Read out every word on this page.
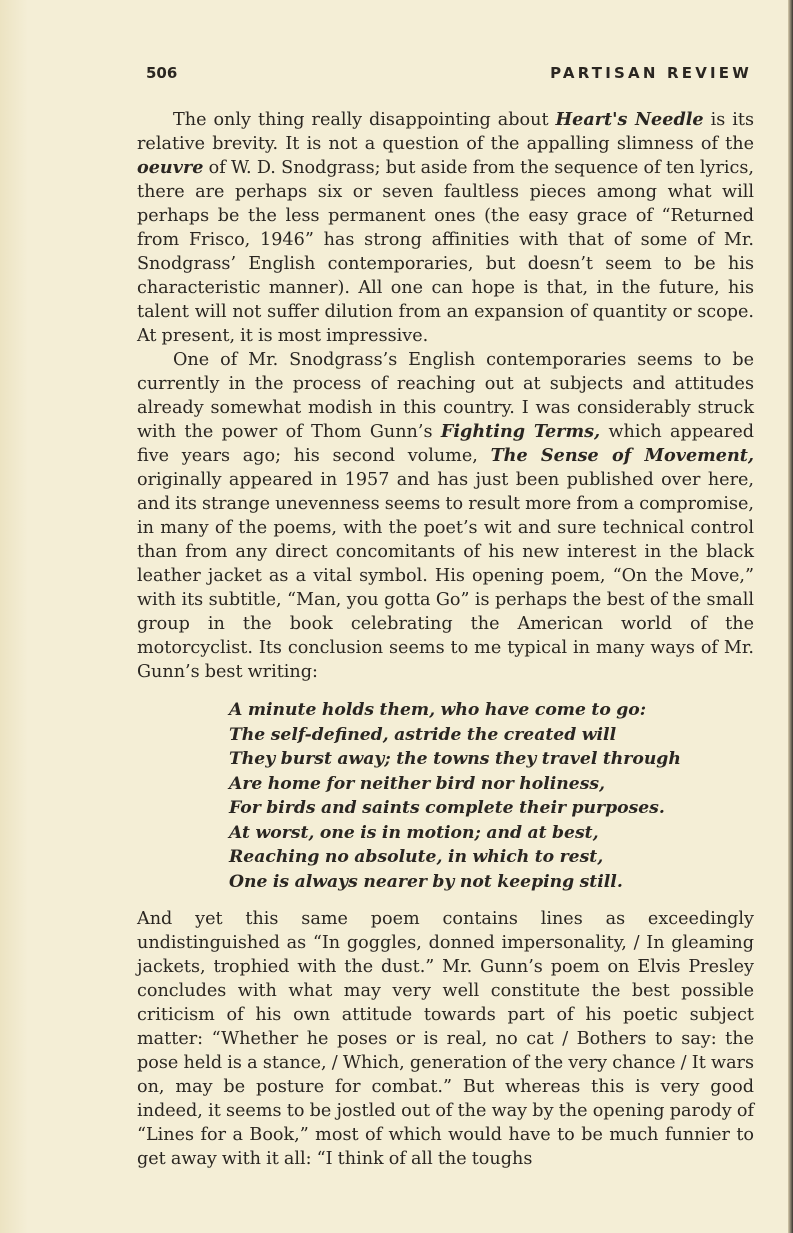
506	PARTISAN REVIEW

The only thing really disappointing about Heart's Needle is its relative brevity. It is not a question of the appalling slimness of the oeuvre of W. D. Snodgrass; but aside from the sequence of ten lyrics, there are perhaps six or seven faultless pieces among what will perhaps be the less permanent ones (the easy grace of “Returned from Frisco, 1946” has strong affinities with that of some of Mr. Snodgrass’ English contemporaries, but doesn’t seem to be his characteristic manner). All one can hope is that, in the future, his talent will not suffer dilution from an expansion of quantity or scope. At present, it is most impressive.

One of Mr. Snodgrass’s English contemporaries seems to be currently in the process of reaching out at subjects and attitudes already somewhat modish in this country. I was considerably struck with the power of Thom Gunn’s Fighting Terms, which appeared five years ago; his second volume, The Sense of Movement, originally appeared in 1957 and has just been published over here, and its strange unevenness seems to result more from a compromise, in many of the poems, with the poet’s wit and sure technical control than from any direct concomitants of his new interest in the black leather jacket as a vital symbol. His opening poem, “On the Move,” with its subtitle, “Man, you gotta Go” is perhaps the best of the small group in the book celebrating the American world of the motorcyclist. Its conclusion seems to me typical in many ways of Mr. Gunn’s best writing:

A minute holds them, who have come to go:
The self-defined, astride the created will
They burst away; the towns they travel through
Are home for neither bird nor holiness,
For birds and saints complete their purposes.
At worst, one is in motion; and at best,
Reaching no absolute, in which to rest,
One is always nearer by not keeping still.

And yet this same poem contains lines as exceedingly undistinguished as “In goggles, donned impersonality, / In gleaming jackets, trophied with the dust.” Mr. Gunn’s poem on Elvis Presley concludes with what may very well constitute the best possible criticism of his own attitude towards part of his poetic subject matter: “Whether he poses or is real, no cat / Bothers to say: the pose held is a stance, / Which, generation of the very chance / It wars on, may be posture for combat.” But whereas this is very good indeed, it seems to be jostled out of the way by the opening parody of “Lines for a Book,” most of which would have to be much funnier to get away with it all: “I think of all the toughs
